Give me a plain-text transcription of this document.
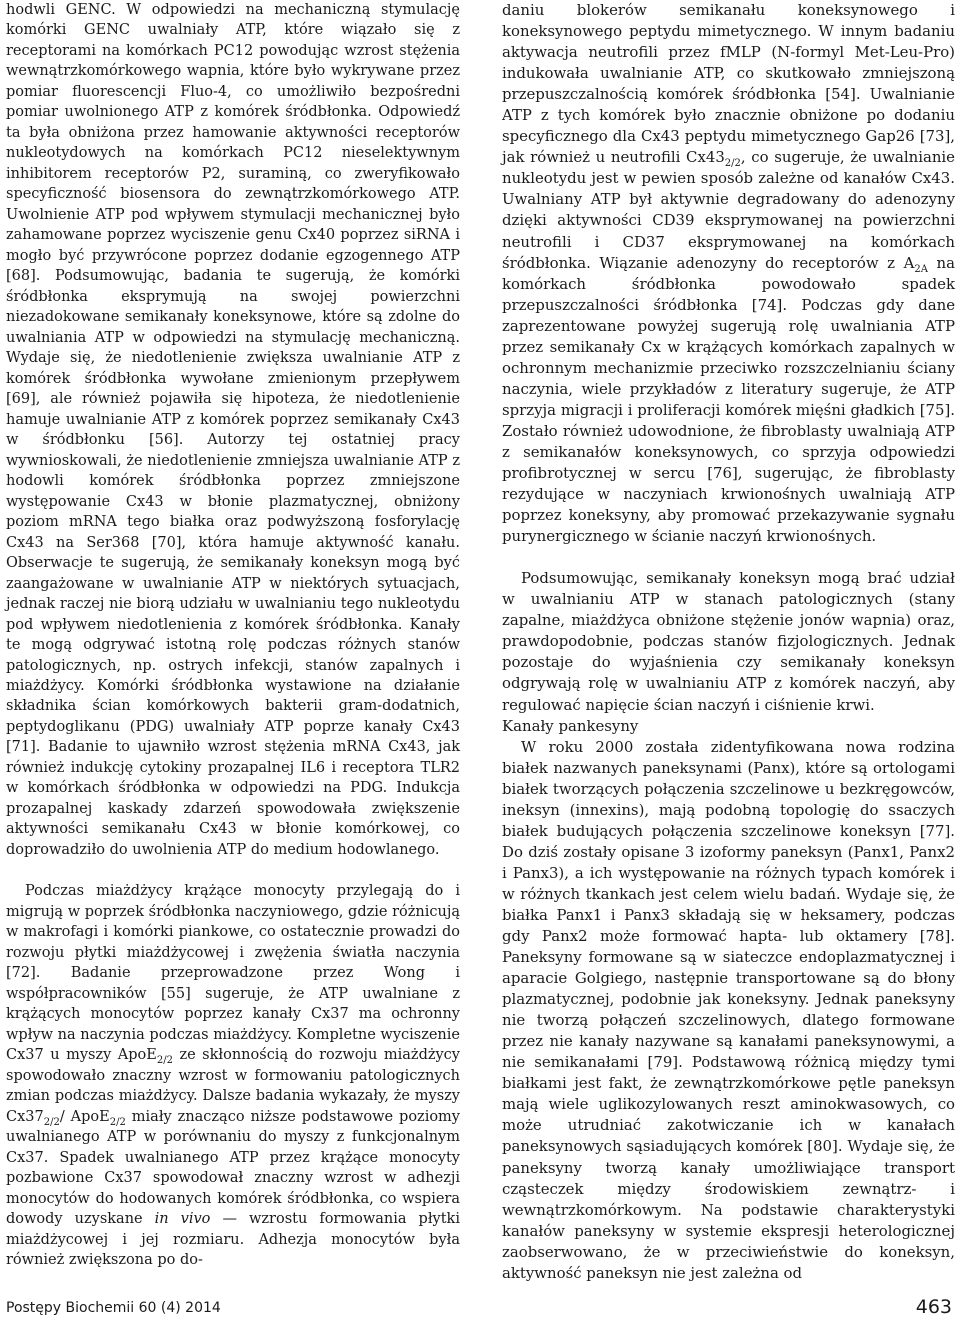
hodwli GENC. W odpowiedzi na mechaniczną stymulację komórki GENC uwalniały ATP, które wiązało się z receptorami na komórkach PC12 powodując wzrost stężenia wewnątrzkomórkowego wapnia, które było wykrywane przez pomiar fluorescencji Fluo-4, co umożliwiło bezpośredni pomiar uwolnionego ATP z komórek śródbłonka. Odpowiedź ta była obniżona przez hamowanie aktywności receptorów nukleotydowych na komórkach PC12 nieselektywnym inhibitorem receptorów P2, suraminą, co zweryfikowało specyficzność biosensora do zewnątrzkomórkowego ATP. Uwolnienie ATP pod wpływem stymulacji mechanicznej było zahamowane poprzez wyciszenie genu Cx40 poprzez siRNA i mogło być przywrócone poprzez dodanie egzogennego ATP [68]. Podsumowując, badania te sugerują, że komórki śródbłonka eksprymują na swojej powierzchni niezadokowane semikanały koneksynowe, które są zdolne do uwalniania ATP w odpowiedzi na stymulację mechaniczną. Wydaje się, że niedotlenienie zwiększa uwalnianie ATP z komórek śródbłonka wywołane zmienionym przepływem [69], ale również pojawiła się hipoteza, że niedotlenienie hamuje uwalnianie ATP z komórek poprzez semikanały Cx43 w śródbłonku [56]. Autorzy tej ostatniej pracy wywnioskowali, że niedotlenienie zmniejsza uwalnianie ATP z hodowli komórek śródbłonka poprzez zmniejszone występowanie Cx43 w błonie plazmatycznej, obniżony poziom mRNA tego białka oraz podwyższoną fosforylację Cx43 na Ser368 [70], która hamuje aktywność kanału. Obserwacje te sugerują, że semikanały koneksyn mogą być zaangażowane w uwalnianie ATP w niektórych sytuacjach, jednak raczej nie biorą udziału w uwalnianiu tego nukleotydu pod wpływem niedotlenienia z komórek śródbłonka. Kanały te mogą odgrywać istotną rolę podczas różnych stanów patologicznych, np. ostrych infekcji, stanów zapalnych i miażdżycy. Komórki śródbłonka wystawione na działanie składnika ścian komórkowych bakterii gram-dodatnich, peptydoglikanu (PDG) uwalniały ATP poprze kanały Cx43 [71]. Badanie to ujawniło wzrost stężenia mRNA Cx43, jak również indukcję cytokiny prozapalnej IL6 i receptora TLR2 w komórkach śródbłonka w odpowiedzi na PDG. Indukcja prozapalnej kaskady zdarzeń spowodowała zwiększenie aktywności semikanału Cx43 w błonie komórkowej, co doprowadziło do uwolnienia ATP do medium hodowlanego.

Podczas miażdżycy krążące monocyty przylegają do i migrują w poprzek śródbłonka naczyniowego, gdzie różnicują w makrofagi i komórki piankowe, co ostatecznie prowadzi do rozwoju płytki miażdżycowej i zwężenia światła naczynia [72]. Badanie przeprowadzone przez Wong i współpracowników [55] sugeruje, że ATP uwalniane z krążących monocytów poprzez kanały Cx37 ma ochronny wpływ na naczynia podczas miażdżycy. Kompletne wyciszenie Cx37 u myszy ApoE$_{2/2}$ ze skłonnością do rozwoju miażdżycy spowodowało znaczny wzrost w formowaniu patologicznych zmian podczas miażdżycy. Dalsze badania wykazały, że myszy $Cx37_{2/2}/$ ApoE$_{2/2}$ miały znacząco niższe podstawowe poziomy uwalnianego ATP w porównaniu do myszy z funkcjonalnym Cx37. Spadek uwalnianego ATP przez krążące monocyty pozbawione Cx37 spowodował znaczny wzrost w adhezji monocytów do hodowanych komórek śródbłonka, co wspiera dowody uzyskane in vivo — wzrostu formowania płytki miażdżycowej i jej rozmiaru. Adhezja monocytów była również zwiększona po do-

daniu blokerów semikanału koneksynowego i koneksynowego peptydu mimetycznego. W innym badaniu aktywacja neutrofili przez fMLP (N-formyl Met-Leu-Pro) indukowała uwalnianie ATP, co skutkowało zmniejszoną przepuszczalnością komórek śródbłonka [54]. Uwalnianie ATP z tych komórek było znacznie obniżone po dodaniu specyficznego dla Cx43 peptydu mimetycznego Gap26 [73], jak również u neutrofili $Cx43_{2/2}$, co sugeruje, że uwalnianie nukleotydu jest w pewien sposób zależne od kanałów Cx43. Uwalniany ATP był aktywnie degradowany do adenozyny dzięki aktywności CD39 eksprymowanej na powierzchni neutrofili i CD37 eksprymowanej na komórkach śródbłonka. Wiązanie adenozyny do receptorów z $A_{2A}$ na komórkach śródbłonka powodowało spadek przepuszczalności śródbłonka [74]. Podczas gdy dane zaprezentowane powyżej sugerują rolę uwalniania ATP przez semikanały Cx w krążących komórkach zapalnych w ochronnym mechanizmie przeciwko rozszczelnianiu ściany naczynia, wiele przykładów z literatury sugeruje, że ATP sprzyja migracji i proliferacji komórek mięśni gładkich [75]. Zostało również udowodnione, że fibroblasty uwalniają ATP z semikanałów koneksynowych, co sprzyja odpowiedzi profibrotycznej w sercu [76], sugerując, że fibroblasty rezydujące w naczyniach krwionośnych uwalniają ATP poprzez koneksyny, aby promować przekazywanie sygnału purynergicznego w ścianie naczyń krwionośnych.

Podsumowując, semikanały koneksyn mogą brać udział w uwalnianiu ATP w stanach patologicznych (stany zapalne, miażdżyca obniżone stężenie jonów wapnia) oraz, prawdopodobnie, podczas stanów fizjologicznych. Jednak pozostaje do wyjaśnienia czy semikanały koneksyn odgrywają rolę w uwalnianiu ATP z komórek naczyń, aby regulować napięcie ścian naczyń i ciśnienie krwi.

Kanały pankesyny

W roku 2000 została zidentyfikowana nowa rodzina białek nazwanych paneksynami (Panx), które są ortologami białek tworzących połączenia szczelinowe u bezkręgowców, ineksyn (innexins), mają podobną topologię do ssaczych białek budujących połączenia szczelinowe koneksyn [77]. Do dziś zostały opisane 3 izoformy paneksyn (Panx1, Panx2 i Panx3), a ich występowanie na różnych typach komórek i w różnych tkankach jest celem wielu badań. Wydaje się, że białka Panx1 i Panx3 składają się w heksamery, podczas gdy Panx2 może formować hapta- lub oktamery [78]. Paneksyny formowane są w siateczce endoplazmatycznej i aparacie Golgiego, następnie transportowane są do błony plazmatycznej, podobnie jak koneksyny. Jednak paneksyny nie tworzą połączeń szczelinowych, dlatego formowane przez nie kanały nazywane są kanałami paneksynowymi, a nie semikanałami [79]. Podstawową różnicą między tymi białkami jest fakt, że zewnątrzkomórkowe pętle paneksyn mają wiele uglikozylowanych reszt aminokwasowych, co może utrudniać zakotwiczanie ich w kanałach paneksynowych sąsiadujących komórek [80]. Wydaje się, że paneksyny tworzą kanały umożliwiające transport cząsteczek między środowiskiem zewnątrz- i wewnątrzkomórkowym. Na podstawie charakterystyki kanałów paneksyny w systemie ekspresji heterologicznej zaobserwowano, że w przeciwieństwie do koneksyn, aktywność paneksyn nie jest zależna od

Postępy Biochemii 60 (4) 2014	463
